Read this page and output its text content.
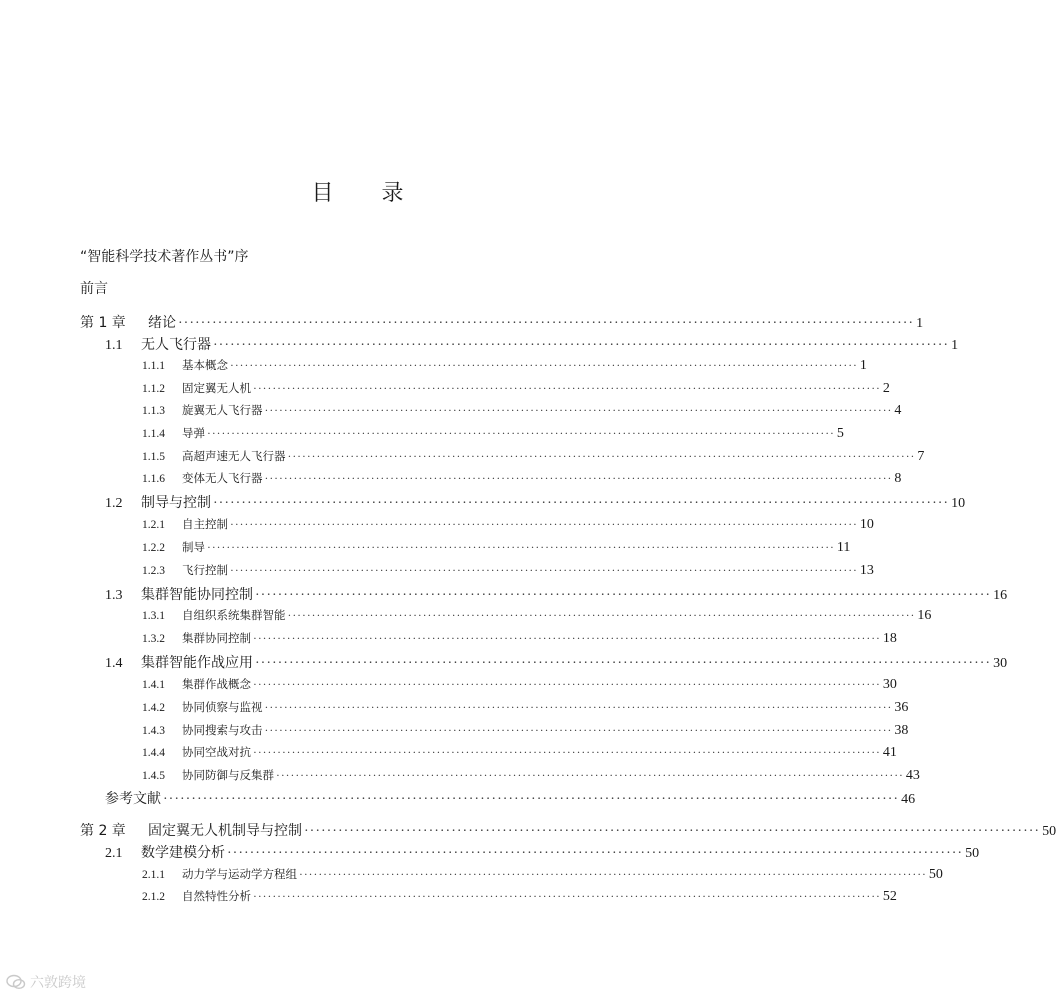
目 录
“智能科学技术著作丛书”序
前言
第 1 章	绪论 ·································································································································· 1
1.1	无人飞行器 ·································································································································· 1
1.1.1	基本概念 ·································································································································· 1
1.1.2	固定翼无人机 ·································································································································· 2
1.1.3	旋翼无人飞行器 ·································································································································· 4
1.1.4	导弹 ·································································································································· 5
1.1.5	高超声速无人飞行器 ·································································································································· 7
1.1.6	变体无人飞行器 ·································································································································· 8
1.2	制导与控制 ·································································································································· 10
1.2.1	自主控制 ·································································································································· 10
1.2.2	制导 ·································································································································· 11
1.2.3	飞行控制 ·································································································································· 13
1.3	集群智能协同控制 ·································································································································· 16
1.3.1	自组织系统集群智能 ·································································································································· 16
1.3.2	集群协同控制 ·································································································································· 18
1.4	集群智能作战应用 ·································································································································· 30
1.4.1	集群作战概念 ·································································································································· 30
1.4.2	协同侦察与监视 ·································································································································· 36
1.4.3	协同搜索与攻击 ·································································································································· 38
1.4.4	协同空战对抗 ·································································································································· 41
1.4.5	协同防御与反集群 ·································································································································· 43
参考文献 ·································································································································· 46
第 2 章	固定翼无人机制导与控制 ·································································································································· 50
2.1	数学建模分析 ·································································································································· 50
2.1.1	动力学与运动学方程组 ·································································································································· 50
2.1.2	自然特性分析 ·································································································································· 52
六敦跨境
